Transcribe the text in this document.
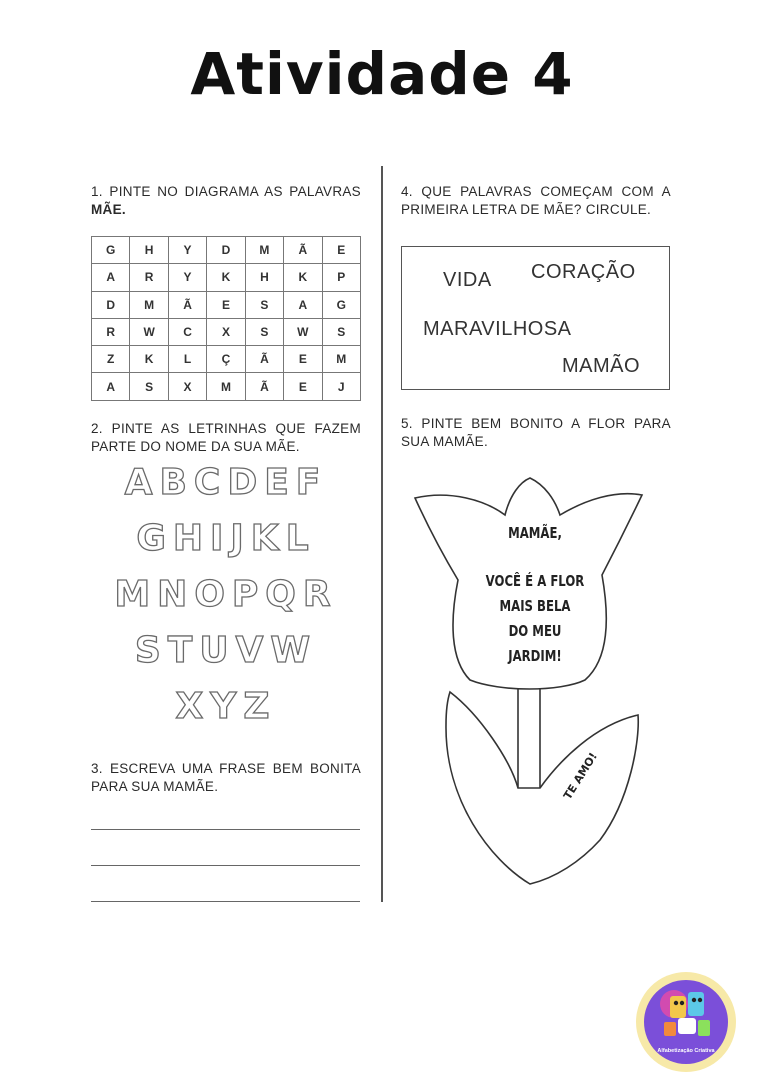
Atividade 4
1. PINTE NO DIAGRAMA AS PALAVRAS MÃE.
G	H	Y	D	M	Ã	E
A	R	Y	K	H	K	P
D	M	Ã	E	S	A	G
R	W	C	X	S	W	S
Z	K	L	Ç	Ã	E	M
A	S	X	M	Ã	E	J
2. PINTE AS LETRINHAS QUE FAZEM PARTE DO NOME DA SUA MÃE.
ABCDEF
GHIJKL
MNOPQR
STUVW
XYZ
3. ESCREVA UMA FRASE BEM BONITA PARA SUA MAMÃE.
4. QUE PALAVRAS COMEÇAM COM A PRIMEIRA LETRA DE MÃE? CIRCULE.
VIDA CORAÇÃO
MARAVILHOSA
MAMÃO
5. PINTE BEM BONITO A FLOR PARA SUA MAMÃE.
MAMÃE,
VOCÊ É A FLOR
MAIS BELA
DO MEU
JARDIM!
TE AMO!
Alfabetização Criativa
